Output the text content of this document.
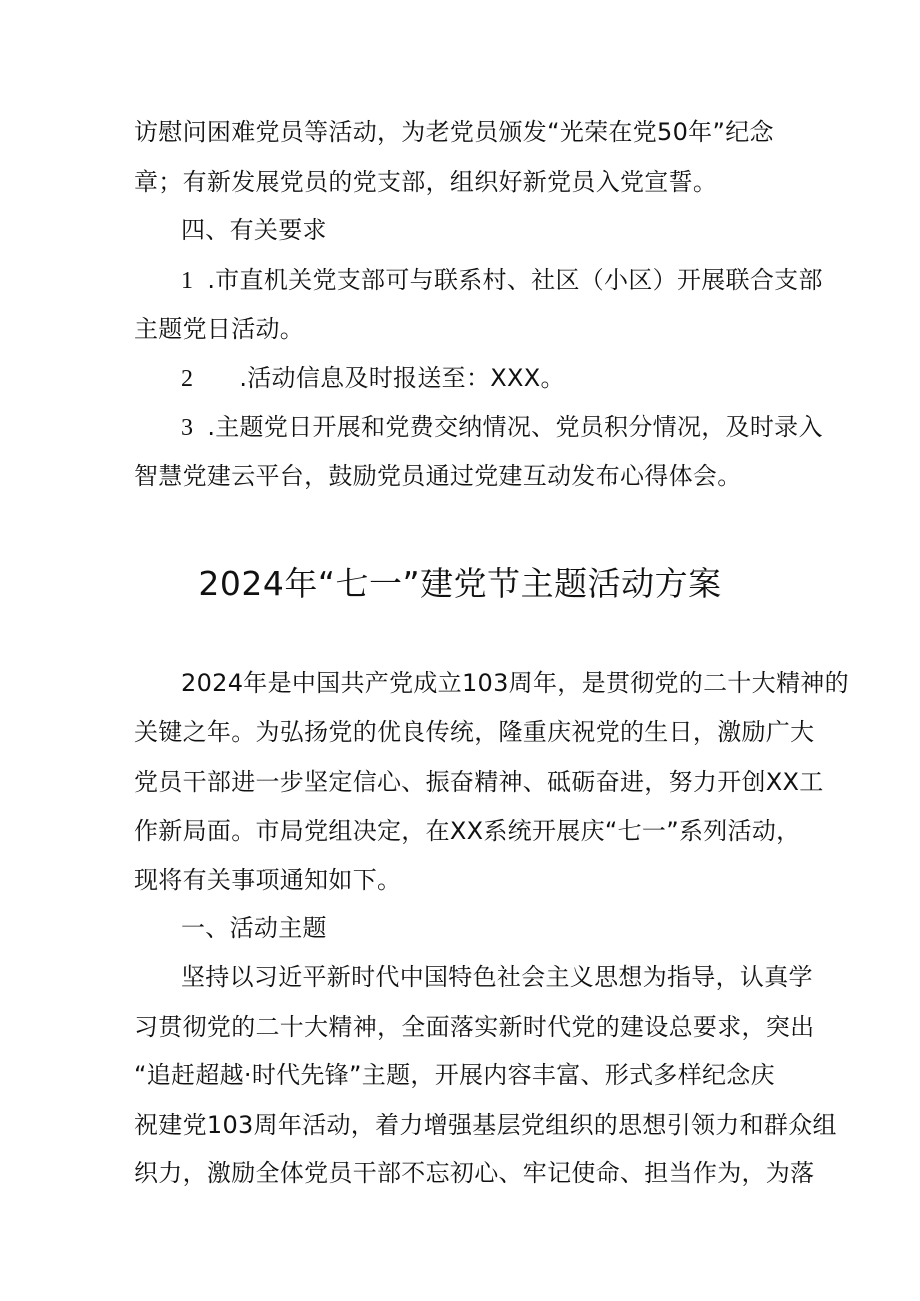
访慰问困难党员等活动，为老党员颁发“光荣在党50年”纪念
章；有新发展党员的党支部，组织好新党员入党宣誓。
四、有关要求
1 .市直机关党支部可与联系村、社区（小区）开展联合支部
主题党日活动。
2 .活动信息及时报送至：XXX。
3 .主题党日开展和党费交纳情况、党员积分情况，及时录入
智慧党建云平台，鼓励党员通过党建互动发布心得体会。
2024年“七一”建党节主题活动方案
2024年是中国共产党成立103周年，是贯彻党的二十大精神的
关键之年。为弘扬党的优良传统，隆重庆祝党的生日，激励广大
党员干部进一步坚定信心、振奋精神、砥砺奋进，努力开创XX工
作新局面。市局党组决定，在XX系统开展庆“七一”系列活动，
现将有关事项通知如下。
一、活动主题
坚持以习近平新时代中国特色社会主义思想为指导，认真学
习贯彻党的二十大精神，全面落实新时代党的建设总要求，突出
“追赶超越·时代先锋”主题，开展内容丰富、形式多样纪念庆
祝建党103周年活动，着力增强基层党组织的思想引领力和群众组
织力，激励全体党员干部不忘初心、牢记使命、担当作为，为落
